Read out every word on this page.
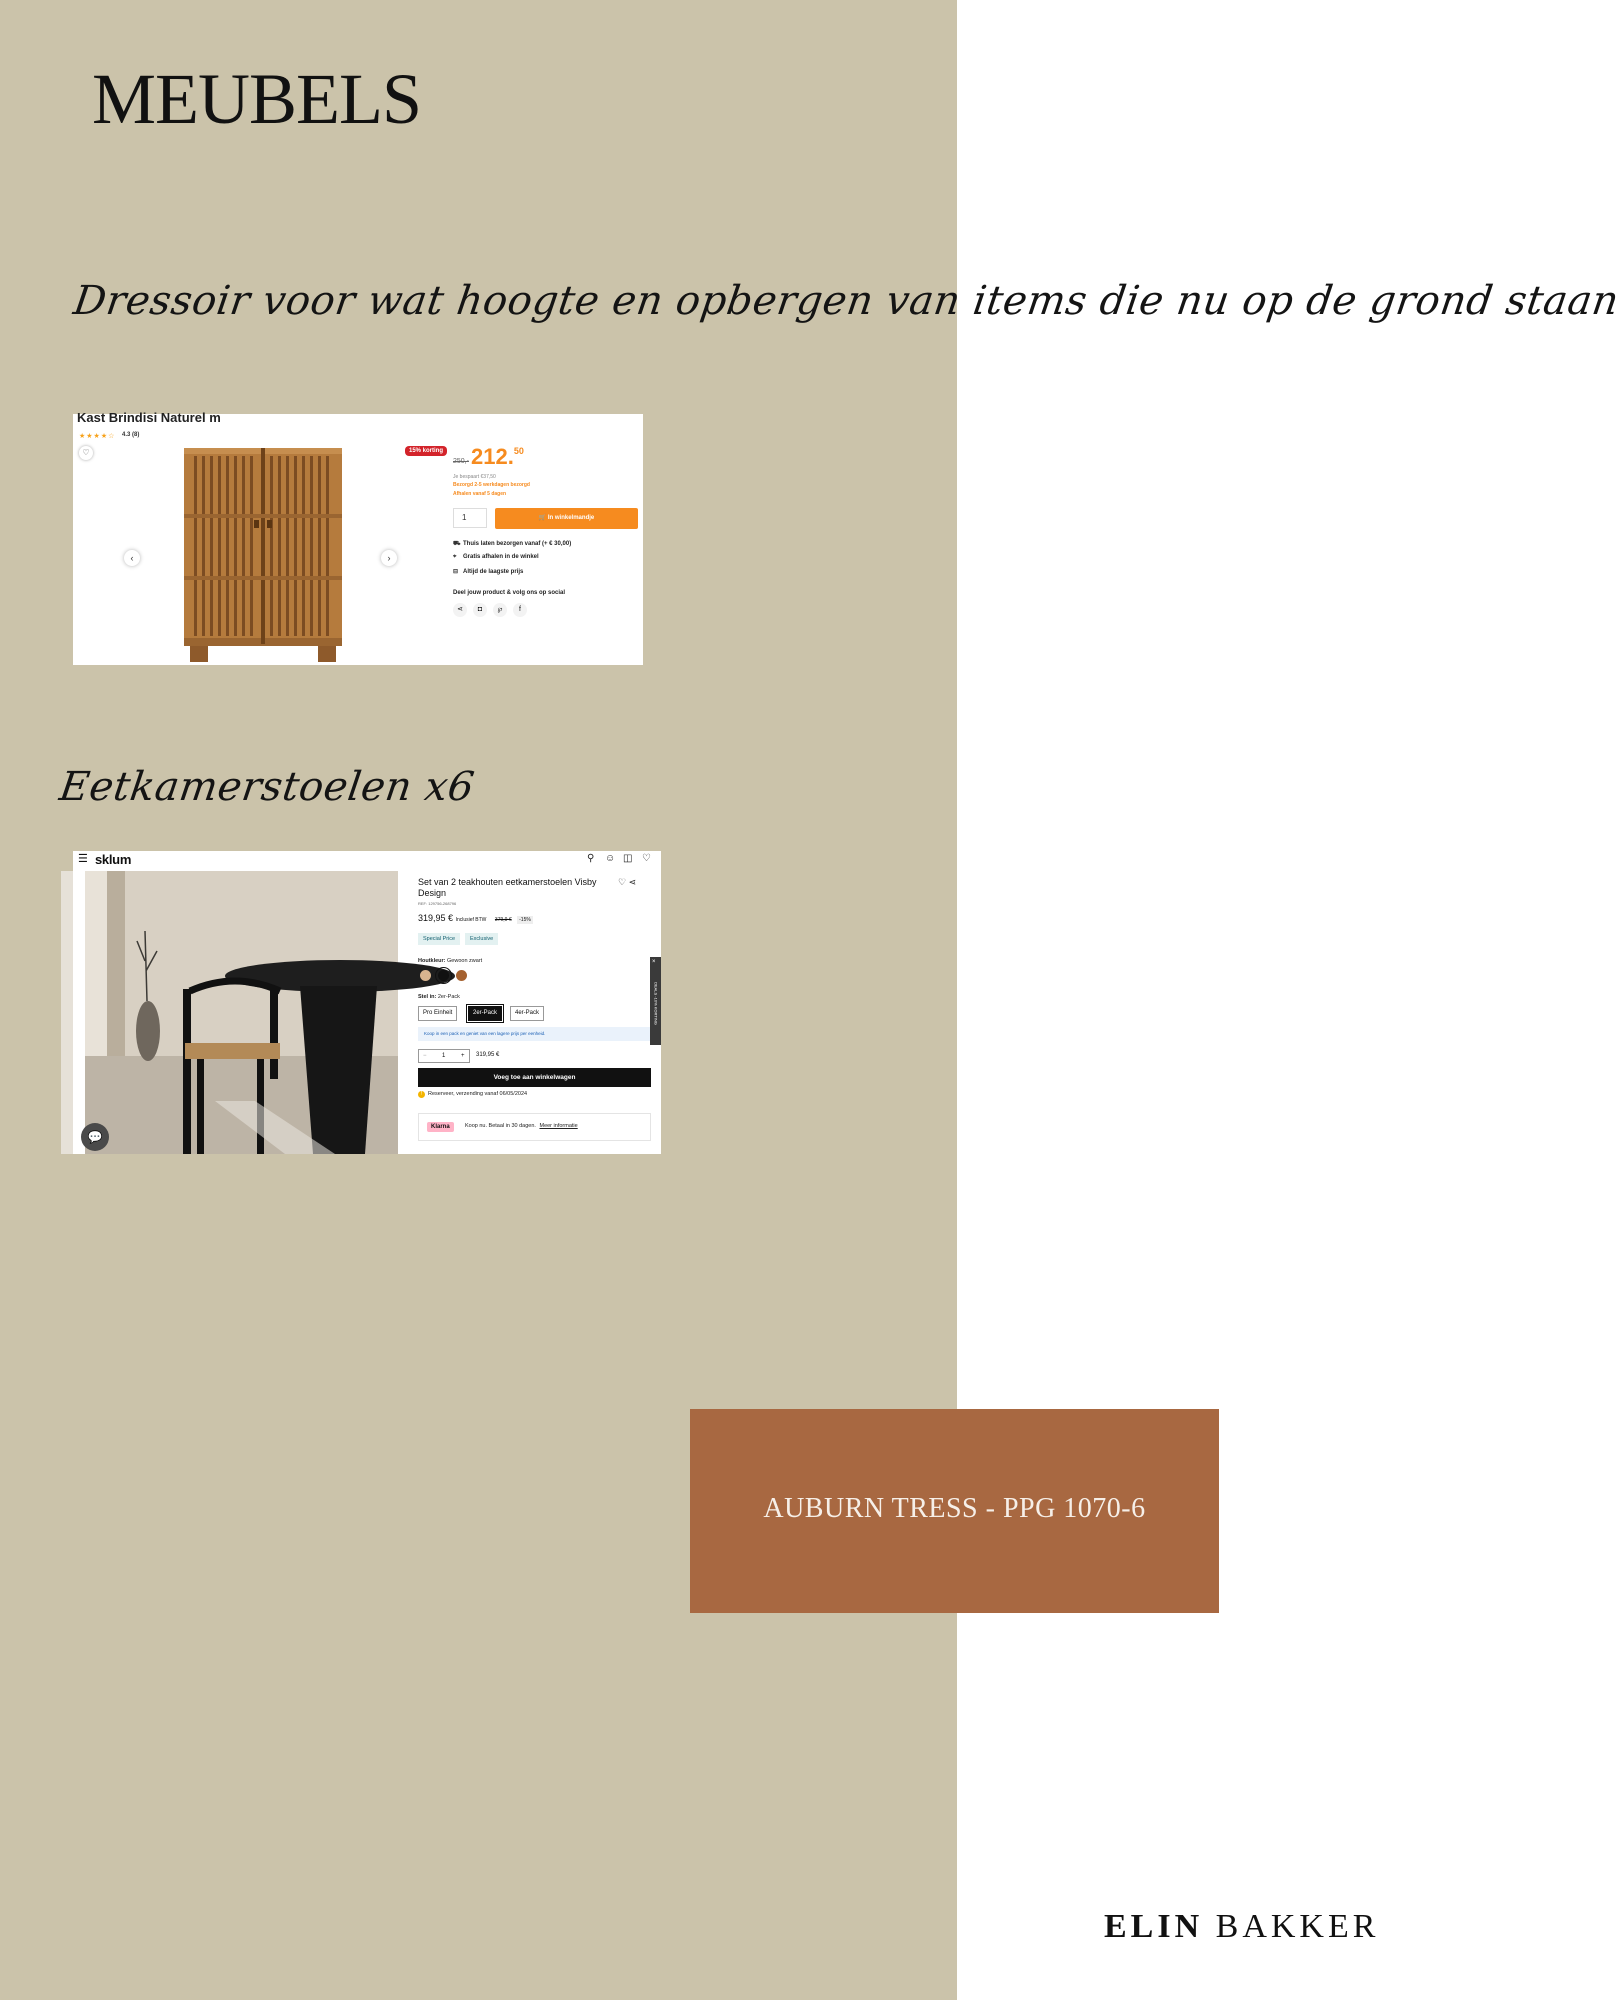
MEUBELS
Dressoir voor wat hoogte en opbergen van items die nu op de grond staan
Kast Brindisi Naturel m
★★★★☆ 4.3 (8)
♡
‹	›
15% korting
250,- 212.50
Je bespaart €37,50
Bezorgd 2-5 werkdagen bezorgd
Afhalen vanaf 5 dagen
1	🛒 In winkelmandje
⛟ Thuis laten bezorgen vanaf (+ € 30,00)
⌖ Gratis afhalen in de winkel
⊟ Altijd de laagste prijs
Deel jouw product & volg ons op social
⋖	◘	℘	f
Eetkamerstoelen x6
☰ sklum	⚲ ☺ ◫ ♡
💬
Set van 2 teakhouten eetkamerstoelen Visby Design
♡ ⋖
REF: 129756-268796
319,95 € Inclusief BTW 379,9 € -15%
Special Price	Exclusive
Houtkleur: Gewoon zwart
Stel in: 2er-Pack
Pro Einheit	2er-Pack	4er-Pack
Koop in een pack en geniet van een lagere prijs per eenheid.
−	1	+ 319,95 €
Voeg toe aan winkelwagen
! Reserveer, verzending vanaf 06/05/2024
Klarna	Koop nu. Betaal in 30 dagen. Meer informatie
×
DEALS -10% KORTING
AUBURN TRESS - PPG 1070-6
ELIN BAKKER
